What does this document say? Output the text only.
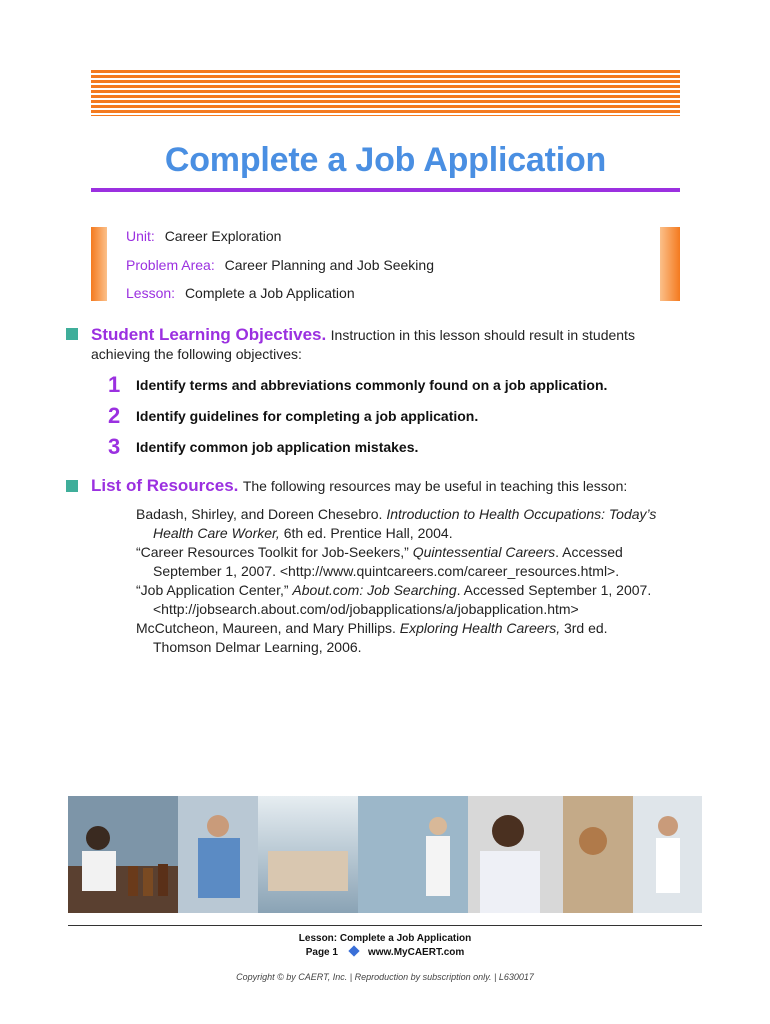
Complete a Job Application
Unit: Career Exploration
Problem Area: Career Planning and Job Seeking
Lesson: Complete a Job Application
Student Learning Objectives. Instruction in this lesson should result in students achieving the following objectives:
1 Identify terms and abbreviations commonly found on a job application.
2 Identify guidelines for completing a job application.
3 Identify common job application mistakes.
List of Resources. The following resources may be useful in teaching this lesson:
Badash, Shirley, and Doreen Chesebro. Introduction to Health Occupations: Today’s Health Care Worker, 6th ed. Prentice Hall, 2004.
“Career Resources Toolkit for Job-Seekers,” Quintessential Careers. Accessed September 1, 2007. <http://www.quintcareers.com/career_resources.html>.
“Job Application Center,” About.com: Job Searching. Accessed September 1, 2007. <http://jobsearch.about.com/od/jobapplications/a/jobapplication.htm>
McCutcheon, Maureen, and Mary Phillips. Exploring Health Careers, 3rd ed. Thomson Delmar Learning, 2006.
Lesson: Complete a Job Application
Page 1	www.MyCAERT.com
Copyright © by CAERT, Inc. | Reproduction by subscription only. | L630017
